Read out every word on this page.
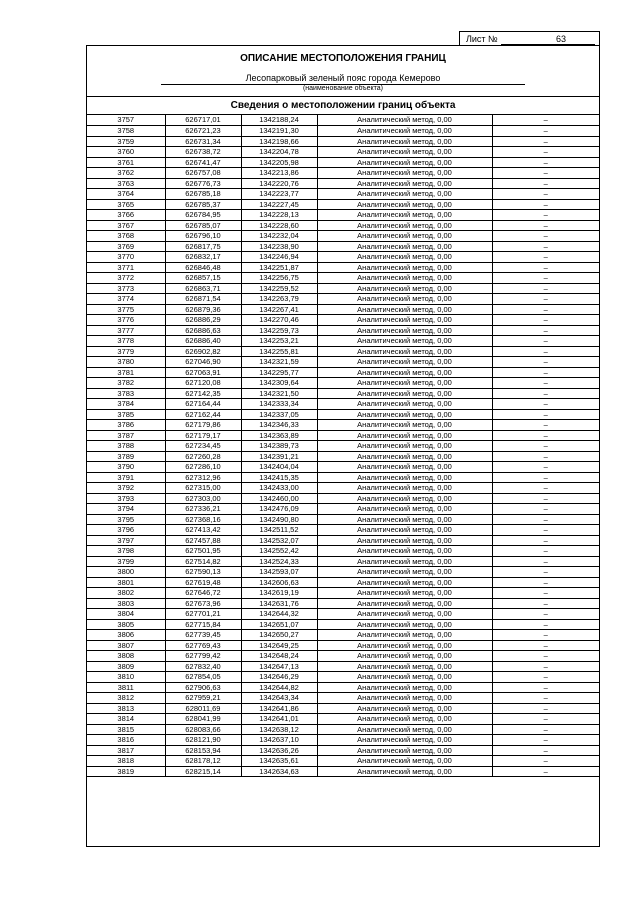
Лист №	63
ОПИСАНИЕ МЕСТОПОЛОЖЕНИЯ ГРАНИЦ
Лесопарковый зеленый пояс города Кемерово
(наименование объекта)
Сведения о местоположении границ объекта
3757	626717,01	1342188,24	Аналитический метод, 0,00	–
3758	626721,23	1342191,30	Аналитический метод, 0,00	–
3759	626731,34	1342198,66	Аналитический метод, 0,00	–
3760	626738,72	1342204,78	Аналитический метод, 0,00	–
3761	626741,47	1342205,98	Аналитический метод, 0,00	–
3762	626757,08	1342213,86	Аналитический метод, 0,00	–
3763	626776,73	1342220,76	Аналитический метод, 0,00	–
3764	626785,18	1342223,77	Аналитический метод, 0,00	–
3765	626785,37	1342227,45	Аналитический метод, 0,00	–
3766	626784,95	1342228,13	Аналитический метод, 0,00	–
3767	626785,07	1342228,60	Аналитический метод, 0,00	–
3768	626796,10	1342232,04	Аналитический метод, 0,00	–
3769	626817,75	1342238,90	Аналитический метод, 0,00	–
3770	626832,17	1342246,94	Аналитический метод, 0,00	–
3771	626846,48	1342251,87	Аналитический метод, 0,00	–
3772	626857,15	1342256,75	Аналитический метод, 0,00	–
3773	626863,71	1342259,52	Аналитический метод, 0,00	–
3774	626871,54	1342263,79	Аналитический метод, 0,00	–
3775	626879,36	1342267,41	Аналитический метод, 0,00	–
3776	626886,29	1342270,46	Аналитический метод, 0,00	–
3777	626886,63	1342259,73	Аналитический метод, 0,00	–
3778	626886,40	1342253,21	Аналитический метод, 0,00	–
3779	626902,82	1342255,81	Аналитический метод, 0,00	–
3780	627046,90	1342321,59	Аналитический метод, 0,00	–
3781	627063,91	1342295,77	Аналитический метод, 0,00	–
3782	627120,08	1342309,64	Аналитический метод, 0,00	–
3783	627142,35	1342321,50	Аналитический метод, 0,00	–
3784	627164,44	1342333,34	Аналитический метод, 0,00	–
3785	627162,44	1342337,05	Аналитический метод, 0,00	–
3786	627179,86	1342346,33	Аналитический метод, 0,00	–
3787	627179,17	1342363,89	Аналитический метод, 0,00	–
3788	627234,45	1342389,73	Аналитический метод, 0,00	–
3789	627260,28	1342391,21	Аналитический метод, 0,00	–
3790	627286,10	1342404,04	Аналитический метод, 0,00	–
3791	627312,96	1342415,35	Аналитический метод, 0,00	–
3792	627315,00	1342433,00	Аналитический метод, 0,00	–
3793	627303,00	1342460,00	Аналитический метод, 0,00	–
3794	627336,21	1342476,09	Аналитический метод, 0,00	–
3795	627368,16	1342490,80	Аналитический метод, 0,00	–
3796	627413,42	1342511,52	Аналитический метод, 0,00	–
3797	627457,88	1342532,07	Аналитический метод, 0,00	–
3798	627501,95	1342552,42	Аналитический метод, 0,00	–
3799	627514,82	1342524,33	Аналитический метод, 0,00	–
3800	627590,13	1342593,07	Аналитический метод, 0,00	–
3801	627619,48	1342606,63	Аналитический метод, 0,00	–
3802	627646,72	1342619,19	Аналитический метод, 0,00	–
3803	627673,96	1342631,76	Аналитический метод, 0,00	–
3804	627701,21	1342644,32	Аналитический метод, 0,00	–
3805	627715,84	1342651,07	Аналитический метод, 0,00	–
3806	627739,45	1342650,27	Аналитический метод, 0,00	–
3807	627769,43	1342649,25	Аналитический метод, 0,00	–
3808	627799,42	1342648,24	Аналитический метод, 0,00	–
3809	627832,40	1342647,13	Аналитический метод, 0,00	–
3810	627854,05	1342646,29	Аналитический метод, 0,00	–
3811	627906,63	1342644,82	Аналитический метод, 0,00	–
3812	627959,21	1342643,34	Аналитический метод, 0,00	–
3813	628011,69	1342641,86	Аналитический метод, 0,00	–
3814	628041,99	1342641,01	Аналитический метод, 0,00	–
3815	628083,66	1342638,12	Аналитический метод, 0,00	–
3816	628121,90	1342637,10	Аналитический метод, 0,00	–
3817	628153,94	1342636,26	Аналитический метод, 0,00	–
3818	628178,12	1342635,61	Аналитический метод, 0,00	–
3819	628215,14	1342634,63	Аналитический метод, 0,00	–
